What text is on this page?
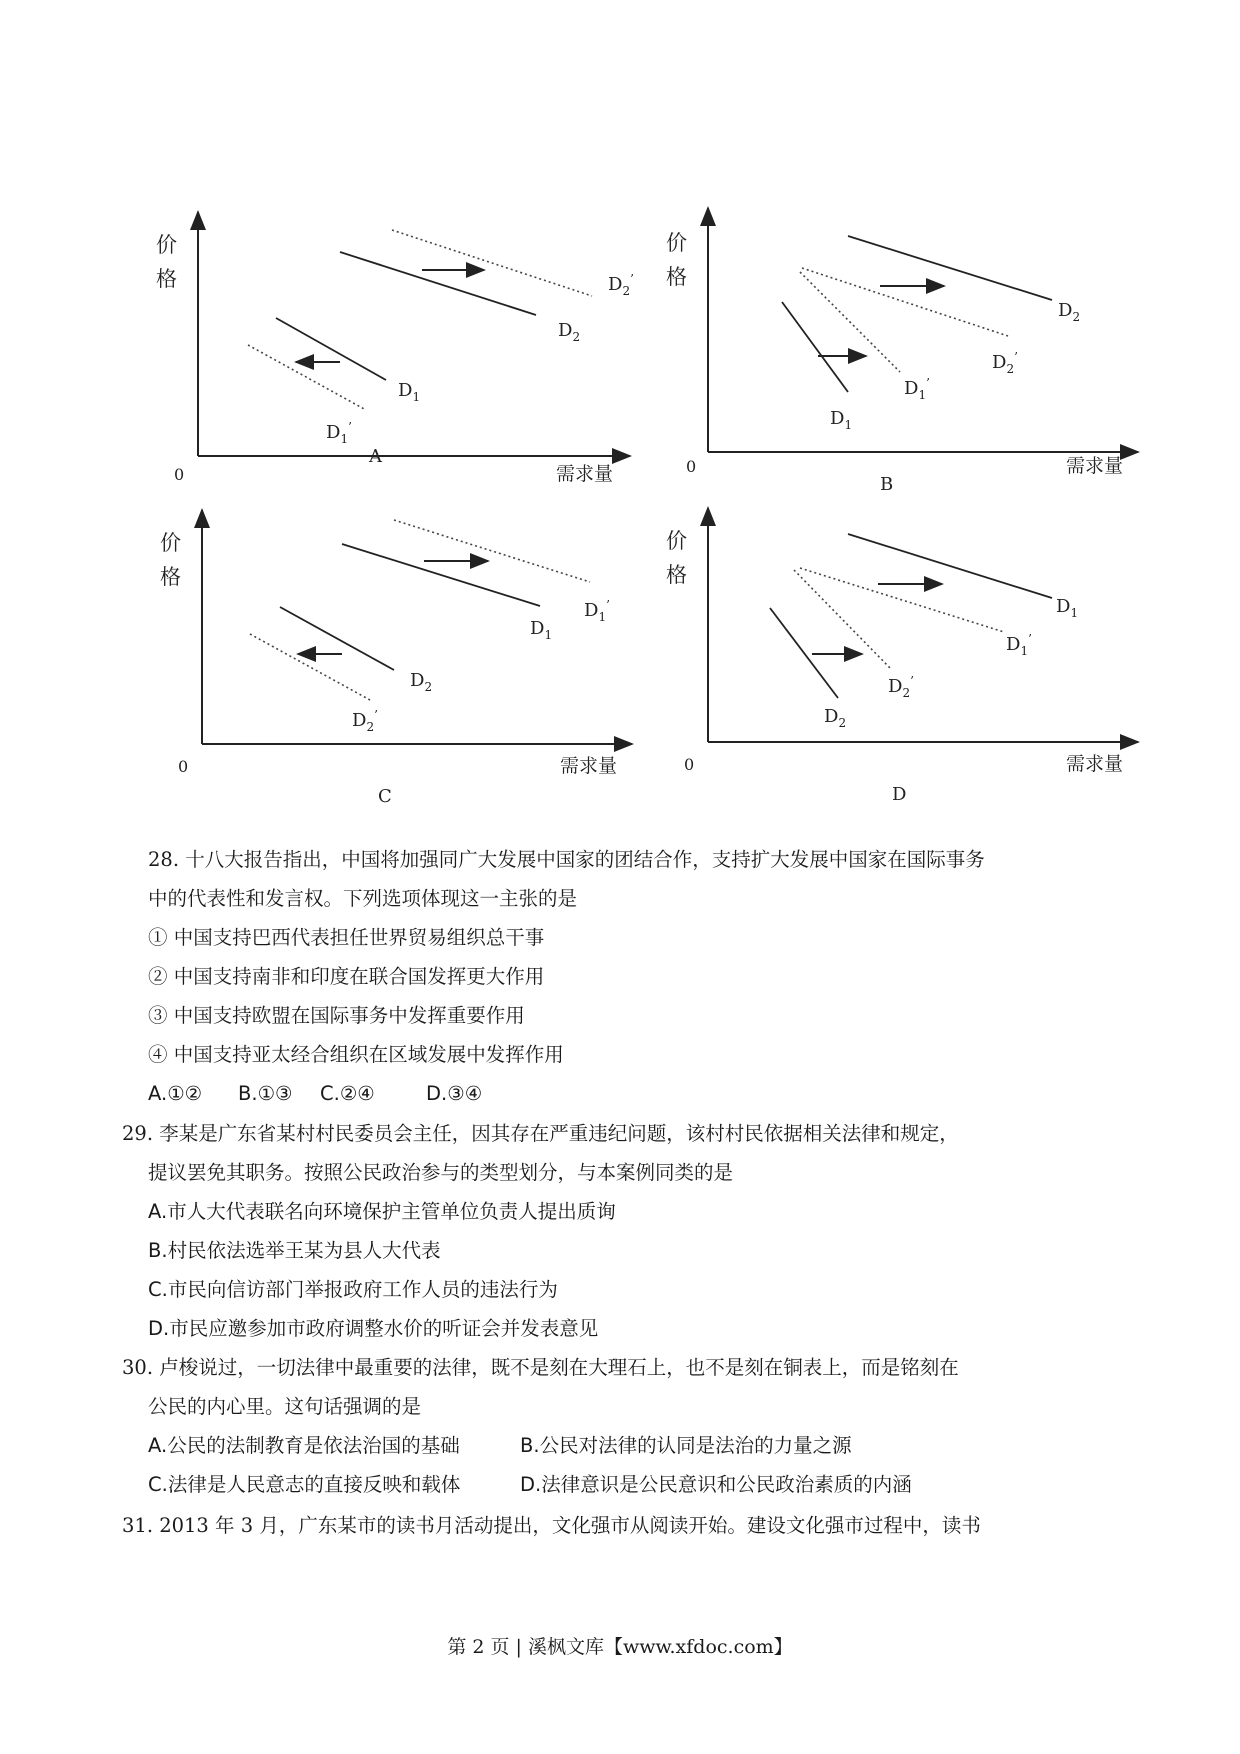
价
格
0	需求量
A
$D_1$
$D_1^’$
$D_2$
$D_2^’$
价
格
0	需求量
B
$D_1$
$D_1^’$
$D_2$
$D_2^’$
价
格
0	需求量
C
$D_2$
$D_2^’$
$D_1$
$D_1^’$
价
格
0	需求量
D
$D_2$
$D_2^’$
$D_1$
$D_1^’$

28. 十八大报告指出，中国将加强同广大发展中国家的团结合作，支持扩大发展中国家在国际事务

中的代表性和发言权。下列选项体现这一主张的是

① 中国支持巴西代表担任世界贸易组织总干事

② 中国支持南非和印度在联合国发挥更大作用

③ 中国支持欧盟在国际事务中发挥重要作用

④ 中国支持亚太经合组织在区域发展中发挥作用

A.①② B.①③ C.②④	D.③④

29. 李某是广东省某村村民委员会主任，因其存在严重违纪问题，该村村民依据相关法律和规定，

提议罢免其职务。按照公民政治参与的类型划分，与本案例同类的是

A.市人大代表联名向环境保护主管单位负责人提出质询

B.村民依法选举王某为县人大代表

C.市民向信访部门举报政府工作人员的违法行为

D.市民应邀参加市政府调整水价的听证会并发表意见

30. 卢梭说过，一切法律中最重要的法律，既不是刻在大理石上，也不是刻在铜表上，而是铭刻在

公民的内心里。这句话强调的是

A.公民的法制教育是依法治国的基础	B.公民对法律的认同是法治的力量之源

C.法律是人民意志的直接反映和载体	D.法律意识是公民意识和公民政治素质的内涵

31. 2013 年 3 月，广东某市的读书月活动提出，文化强市从阅读开始。建设文化强市过程中，读书

第 2 页 | 溪枫文库【www.xfdoc.com】
